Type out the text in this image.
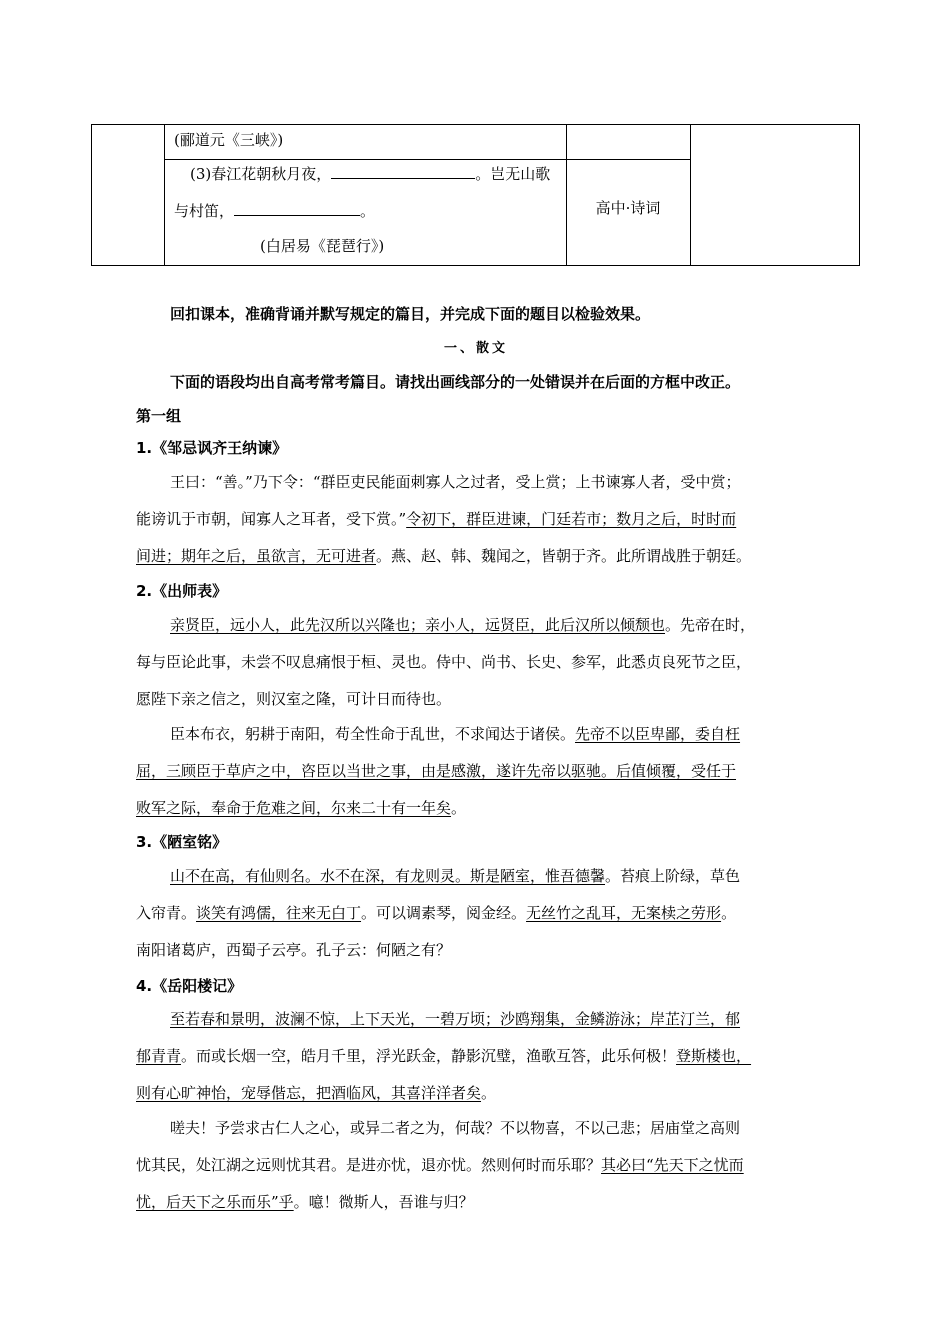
(郦道元《三峡》)
(3)春江花朝秋月夜，	。岂无山歌
与村笛，	。
(白居易《琵琶行》)
高中·诗词
回扣课本，准确背诵并默写规定的篇目，并完成下面的题目以检验效果。
一、散文
下面的语段均出自高考常考篇目。请找出画线部分的一处错误并在后面的方框中改正。
第一组
1.《邹忌讽齐王纳谏》
王曰：“善。”乃下令：“群臣吏民能面刺寡人之过者，受上赏；上书谏寡人者，受中赏；
能谤讥于市朝，闻寡人之耳者，受下赏。”令初下，群臣进谏，门廷若市；数月之后，时时而
间进；期年之后，虽欲言，无可进者。燕、赵、韩、魏闻之，皆朝于齐。此所谓战胜于朝廷。
2.《出师表》
亲贤臣，远小人，此先汉所以兴隆也；亲小人，远贤臣，此后汉所以倾颓也。先帝在时，
每与臣论此事，未尝不叹息痛恨于桓、灵也。侍中、尚书、长史、参军，此悉贞良死节之臣，
愿陛下亲之信之，则汉室之隆，可计日而待也。
臣本布衣，躬耕于南阳，苟全性命于乱世，不求闻达于诸侯。先帝不以臣卑鄙，委自枉
屈，三顾臣于草庐之中，咨臣以当世之事，由是感激，遂许先帝以驱驰。后值倾覆，受任于
败军之际，奉命于危难之间，尔来二十有一年矣。
3.《陋室铭》
山不在高，有仙则名。水不在深，有龙则灵。斯是陋室，惟吾德馨。苔痕上阶绿，草色
入帘青。谈笑有鸿儒，往来无白丁。可以调素琴，阅金经。无丝竹之乱耳，无案椟之劳形。
南阳诸葛庐，西蜀子云亭。孔子云：何陋之有？
4.《岳阳楼记》
至若春和景明，波澜不惊，上下天光，一碧万顷；沙鸥翔集，金鳞游泳；岸芷汀兰，郁
郁青青。而或长烟一空，皓月千里，浮光跃金，静影沉璧，渔歌互答，此乐何极！登斯楼也，
则有心旷神怡，宠辱偕忘，把酒临风，其喜洋洋者矣。
嗟夫！予尝求古仁人之心，或异二者之为，何哉？不以物喜，不以己悲；居庙堂之高则
忧其民，处江湖之远则忧其君。是进亦忧，退亦忧。然则何时而乐耶？其必曰“先天下之忧而
忧，后天下之乐而乐”乎。噫！微斯人，吾谁与归？
